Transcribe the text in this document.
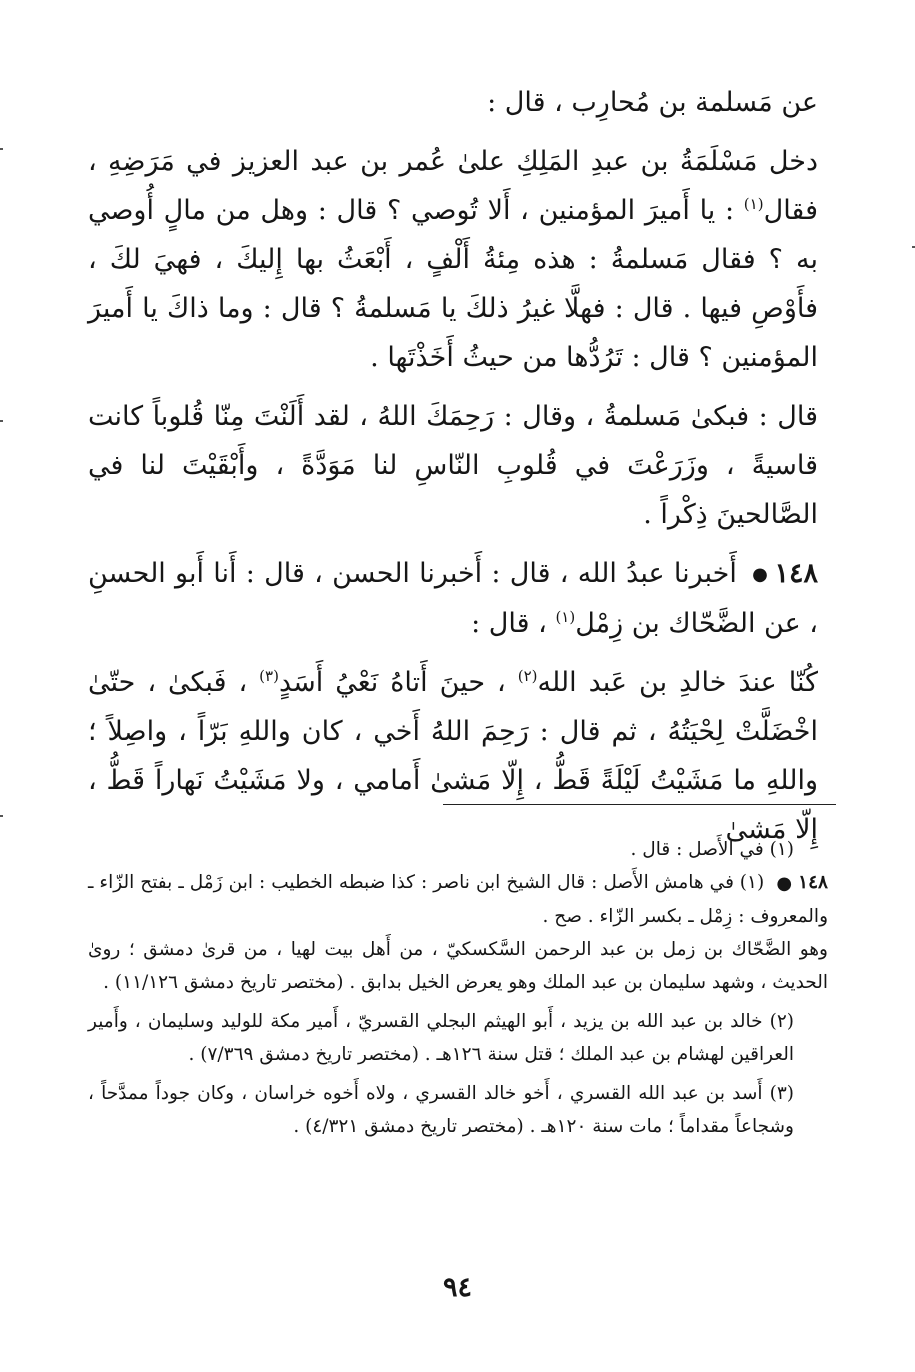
عن مَسلمة بن مُحارِب ، قال :

دخل مَسْلَمَةُ بن عبدِ المَلِكِ علىٰ عُمر بن عبد العزيز في مَرَضِهِ ، فقال$^{(١)}$ : يا أَميرَ المؤمنين ، أَلا تُوصي ؟ قال : وهل من مالٍ أُوصي به ؟ فقال مَسلمةُ : هذه مِئةُ أَلْفٍ ، أَبْعَثُ بها إِليكَ ، فهيَ لكَ ، فأَوْصِ فيها . قال : فهلَّا غيرُ ذلكَ يا مَسلمةُ ؟ قال : وما ذاكَ يا أَميرَ المؤمنين ؟ قال : تَرُدُّها من حيثُ أَخَذْتَها .

قال : فبكىٰ مَسلمةُ ، وقال : رَحِمَكَ اللهُ ، لقد أَلَنْتَ مِنّا قُلوباً كانت قاسيةً ، وزَرَعْتَ في قُلوبِ النّاسِ لنا مَوَدَّةً ، وأَبْقَيْتَ لنا في الصَّالحينَ ذِكْراً .

١٤٨● أَخبرنا عبدُ الله ، قال : أَخبرنا الحسن ، قال : أَنا أَبو الحسنِ ، عن الضَّحّاك بن زِمْل$^{(١)}$ ، قال :

كُنّا عندَ خالدِ بن عَبد الله$^{(٢)}$ ، حينَ أَتاهُ نَعْيُ أَسَدٍ$^{(٣)}$ ، فَبكىٰ ، حتّىٰ اخْضَلَّتْ لِحْيَتُهُ ، ثم قال : رَحِمَ اللهُ أَخي ، كان واللهِ بَرّاً ، واصِلاً ؛ واللهِ ما مَشَيْتُ لَيْلَةً قَطُّ ، إِلّا مَشىٰ أَمامي ، ولا مَشَيْتُ نَهاراً قَطُّ ، إِلّا مَشىٰ

(١) في الأَصل : قال .

١٤٨● (١) في هامش الأَصل : قال الشيخ ابن ناصر : كذا ضبطه الخطيب : ابن زَمْل ـ بفتح الزّاء ـ والمعروف : زِمْل ـ بكسر الزّاء . صح .

وهو الضَّحّاك بن زمل بن عبد الرحمن السَّكسكيّ ، من أَهل بيت لهيا ، من قرىٰ دمشق ؛ روىٰ الحديث ، وشهد سليمان بن عبد الملك وهو يعرض الخيل بدابق . (مختصر تاريخ دمشق ١١/١٢٦) .

(٢) خالد بن عبد الله بن يزيد ، أَبو الهيثم البجلي القسريّ ، أَمير مكة للوليد وسليمان ، وأَمير العراقين لهشام بن عبد الملك ؛ قتل سنة ١٢٦هـ . (مختصر تاريخ دمشق ٧/٣٦٩) .

(٣) أَسد بن عبد الله القسري ، أَخو خالد القسري ، ولاه أَخوه خراسان ، وكان جوداً ممدَّحاً ، وشجاعاً مقداماً ؛ مات سنة ١٢٠هـ . (مختصر تاريخ دمشق ٤/٣٢١) .

٩٤
